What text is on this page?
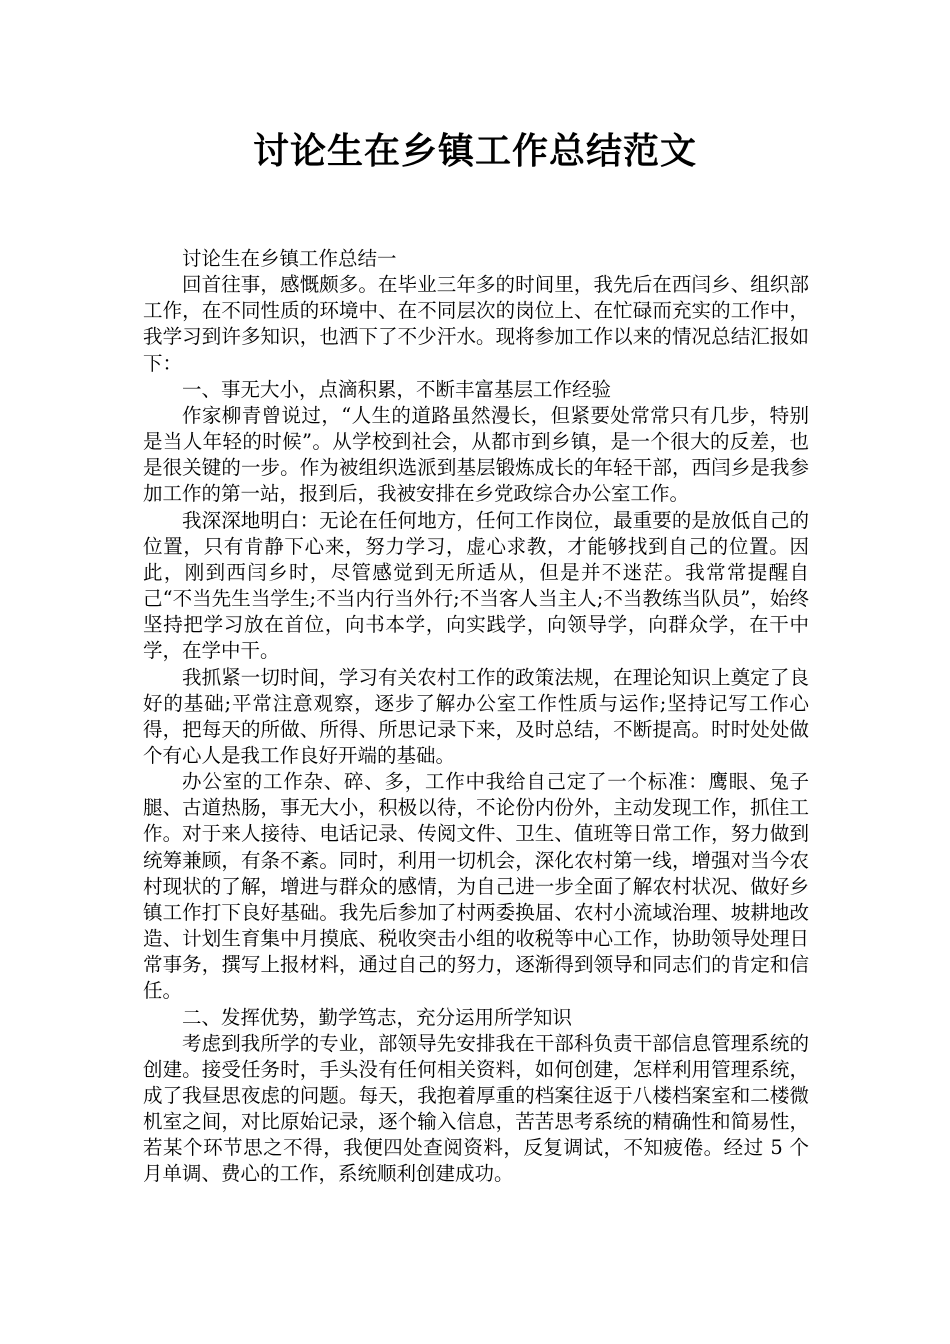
讨论生在乡镇工作总结范文

讨论生在乡镇工作总结一

回首往事，感慨颇多。在毕业三年多的时间里，我先后在西闫乡、组织部工作，在不同性质的环境中、在不同层次的岗位上、在忙碌而充实的工作中，我学习到许多知识，也洒下了不少汗水。现将参加工作以来的情况总结汇报如下：

一、事无大小，点滴积累，不断丰富基层工作经验

作家柳青曾说过，“人生的道路虽然漫长，但紧要处常常只有几步，特别是当人年轻的时候”。从学校到社会，从都市到乡镇，是一个很大的反差，也是很关键的一步。作为被组织选派到基层锻炼成长的年轻干部，西闫乡是我参加工作的第一站，报到后，我被安排在乡党政综合办公室工作。

我深深地明白：无论在任何地方，任何工作岗位，最重要的是放低自己的位置，只有肯静下心来，努力学习，虚心求教，才能够找到自己的位置。因此，刚到西闫乡时，尽管感觉到无所适从，但是并不迷茫。我常常提醒自己“不当先生当学生;不当内行当外行;不当客人当主人;不当教练当队员”，始终坚持把学习放在首位，向书本学，向实践学，向领导学，向群众学，在干中学，在学中干。

我抓紧一切时间，学习有关农村工作的政策法规，在理论知识上奠定了良好的基础;平常注意观察，逐步了解办公室工作性质与运作;坚持记写工作心得，把每天的所做、所得、所思记录下来，及时总结，不断提高。时时处处做个有心人是我工作良好开端的基础。

办公室的工作杂、碎、多，工作中我给自己定了一个标准：鹰眼、兔子腿、古道热肠，事无大小，积极以待，不论份内份外，主动发现工作，抓住工作。对于来人接待、电话记录、传阅文件、卫生、值班等日常工作，努力做到统筹兼顾，有条不紊。同时，利用一切机会，深化农村第一线，增强对当今农村现状的了解，增进与群众的感情，为自己进一步全面了解农村状况、做好乡镇工作打下良好基础。我先后参加了村两委换届、农村小流域治理、坡耕地改造、计划生育集中月摸底、税收突击小组的收税等中心工作，协助领导处理日常事务，撰写上报材料，通过自己的努力，逐渐得到领导和同志们的肯定和信任。

二、发挥优势，勤学笃志，充分运用所学知识

考虑到我所学的专业，部领导先安排我在干部科负责干部信息管理系统的创建。接受任务时，手头没有任何相关资料，如何创建，怎样利用管理系统，成了我昼思夜虑的问题。每天，我抱着厚重的档案往返于八楼档案室和二楼微机室之间，对比原始记录，逐个输入信息，苦苦思考系统的精确性和简易性，若某个环节思之不得，我便四处查阅资料，反复调试，不知疲倦。经过 5 个月单调、费心的工作，系统顺利创建成功。
